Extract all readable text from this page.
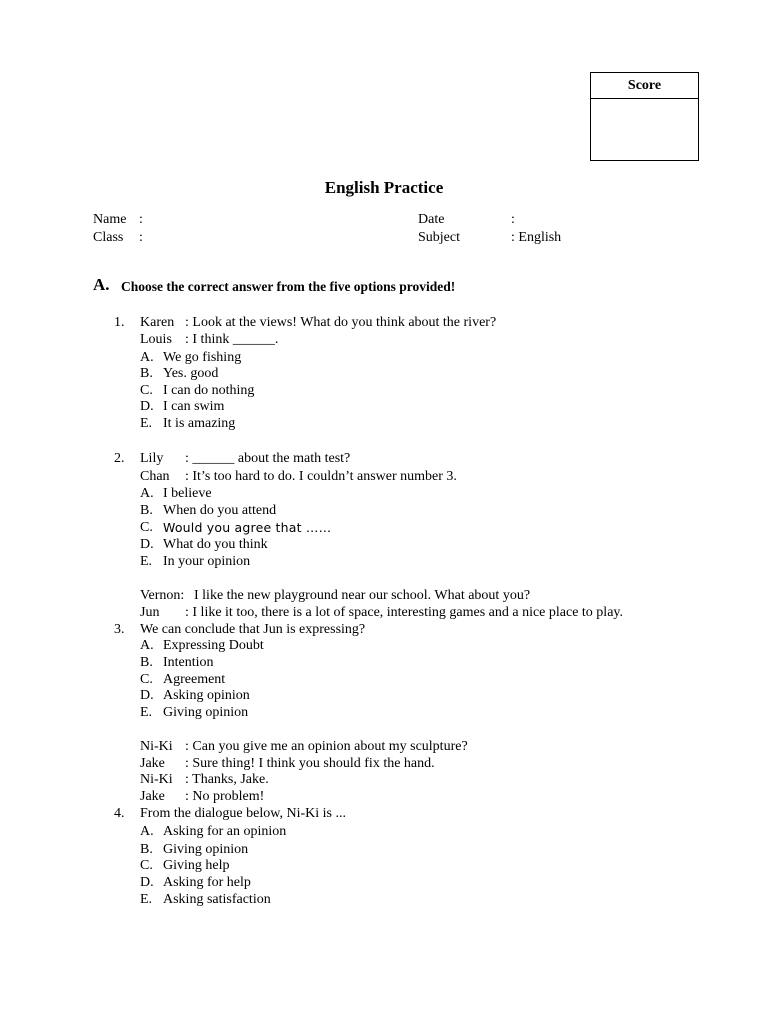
Score
English Practice
Name :
Class :
Date	:
Subject	: English
A. Choose the correct answer from the five options provided!
1. Karen : Look at the views! What do you think about the river?
Louis : I think ______.
A. We go fishing
B. Yes. good
C. I can do nothing
D. I can swim
E. It is amazing
2. Lily : ______ about the math test?
Chan : It’s too hard to do. I couldn’t answer number 3.
A. I believe
B. When do you attend
C. Would you agree that ……
D. What do you think
E. In your opinion
Vernon: I like the new playground near our school. What about you?
Jun : I like it too, there is a lot of space, interesting games and a nice place to play.
3. We can conclude that Jun is expressing?
A. Expressing Doubt
B. Intention
C. Agreement
D. Asking opinion
E. Giving opinion
Ni-Ki : Can you give me an opinion about my sculpture?
Jake : Sure thing! I think you should fix the hand.
Ni-Ki : Thanks, Jake.
Jake : No problem!
4. From the dialogue below, Ni-Ki is ...
A. Asking for an opinion
B. Giving opinion
C. Giving help
D. Asking for help
E. Asking satisfaction
